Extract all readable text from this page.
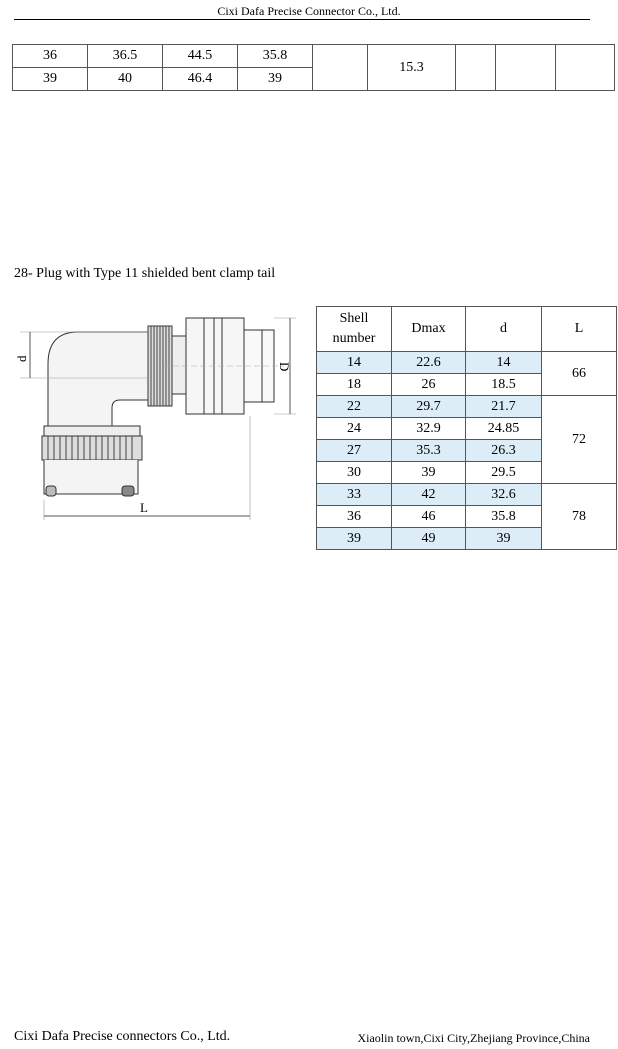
Cixi Dafa Precise Connector Co., Ltd.
36	36.5	44.5	35.8		15.3			
39	40	46.4	39					
28- Plug with Type 11 shielded bent clamp tail
d
D
L
Shell number	Dmax	d	L
14	22.6	14	66
18	26	18.5	
22	29.7	21.7	72
24	32.9	24.85	
27	35.3	26.3	
30	39	29.5	
33	42	32.6	78
36	46	35.8	
39	49	39	
Cixi Dafa Precise connectors Co., Ltd.	Xiaolin town,Cixi City,Zhejiang Province,China
